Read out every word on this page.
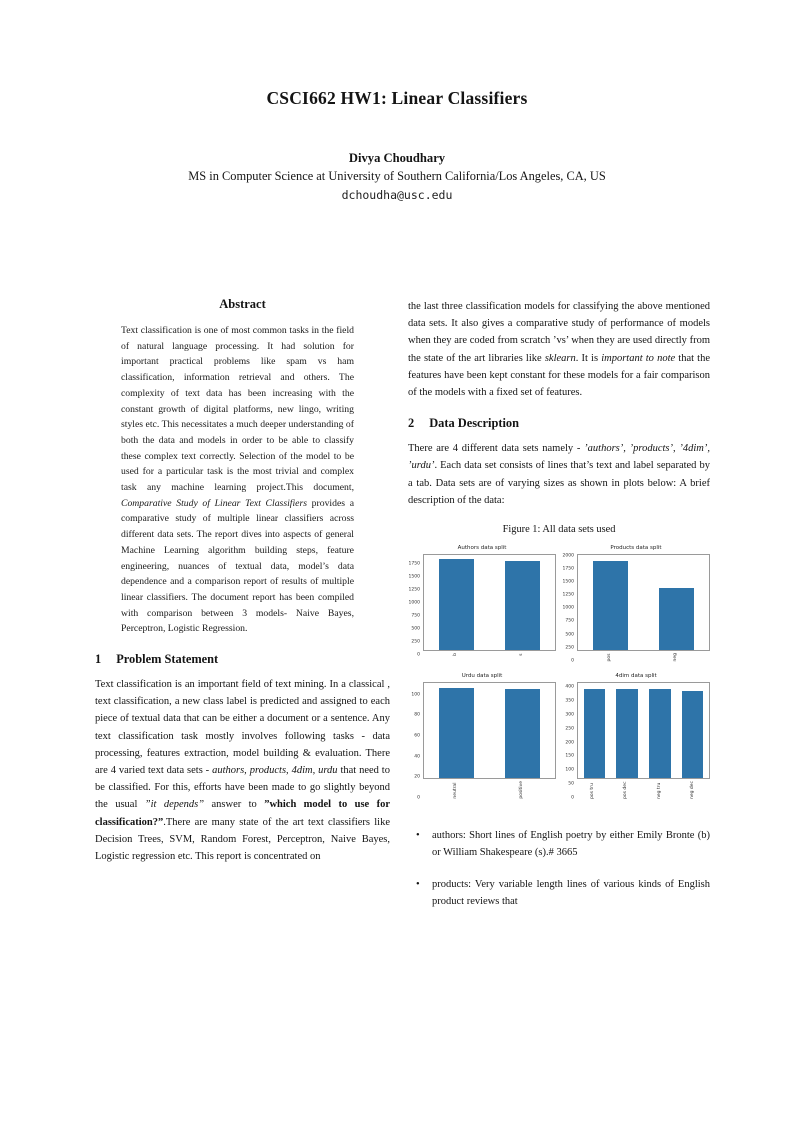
CSCI662 HW1: Linear Classifiers
Divya Choudhary
MS in Computer Science at University of Southern California/Los Angeles, CA, US
dchoudha@usc.edu
Abstract
Text classification is one of most common tasks in the field of natural language processing. It had solution for important practical problems like spam vs ham classification, information retrieval and others. The complexity of text data has been increasing with the constant growth of digital platforms, new lingo, writing styles etc. This necessitates a much deeper understanding of both the data and models in order to be able to classify these complex text correctly. Selection of the model to be used for a particular task is the most trivial and complex task any machine learning project.This document, Comparative Study of Linear Text Classifiers provides a comparative study of multiple linear classifiers across different data sets. The report dives into aspects of general Machine Learning algorithm building steps, feature engineering, nuances of textual data, model’s data dependence and a comparison report of results of multiple linear classifiers. The document report has been compiled with comparison between 3 models- Naive Bayes, Perceptron, Logistic Regression.
1 Problem Statement

Text classification is an important field of text mining. In a classical , text classification, a new class label is predicted and assigned to each piece of textual data that can be either a document or a sentence. Any text classification task mostly involves following tasks - data processing, features extraction, model building & evaluation. There are 4 varied text data sets - authors, products, 4dim, urdu that need to be classified. For this, efforts have been made to go slightly beyond the usual ”it depends” answer to ”which model to use for classification?”.There are many state of the art text classifiers like Decision Trees, SVM, Random Forest, Perceptron, Naive Bayes, Logistic regression etc. This report is concentrated on

the last three classification models for classifying the above mentioned data sets. It also gives a comparative study of performance of models when they are coded from scratch ’vs’ when they are used directly from the state of the art libraries like sklearn. It is important to note that the features have been kept constant for these models for a fair comparison of the models with a fixed set of features.

2 Data Description

There are 4 different data sets namely - ’authors’, ’products’, ’4dim’, ’urdu’. Each data set consists of lines that’s text and label separated by a tab. Data sets are of varying sizes as shown in plots below: A brief description of the data:

Figure 1: All data sets used
Authors data split
1750
1500
1250
1000
750
500
250
0	b	s
Products data split
2000
1750
1500
1250
1000
750
500
250
0	pos	neg
Urdu data split
100
80
60
40
20
0	neutral	positive
4dim data split
400
350
300
250
200
150
100
50
0	pos tru	pos dec	neg tru	neg dec
•	authors: Short lines of English poetry by either Emily Bronte (b) or William Shakespeare (s).# 3665
•	products: Very variable length lines of various kinds of English product reviews that
